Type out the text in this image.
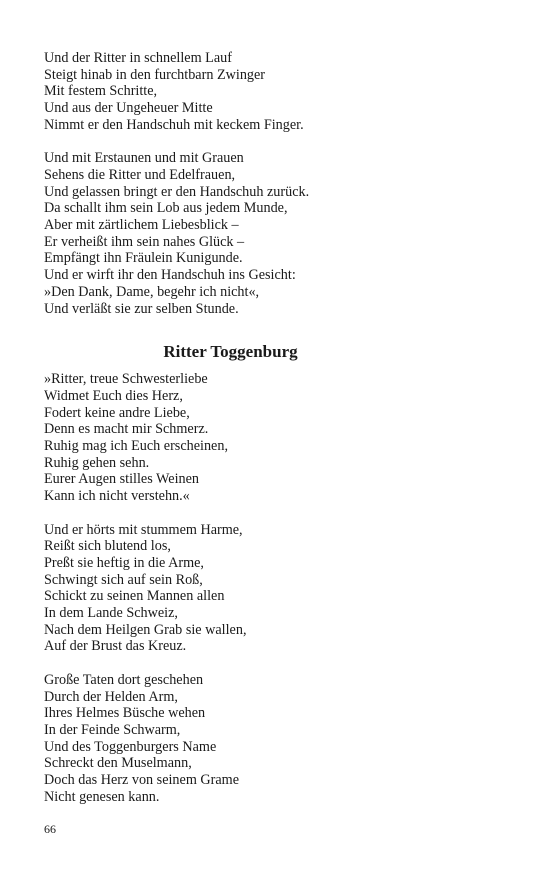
Und der Ritter in schnellem Lauf
Steigt hinab in den furchtbarn Zwinger
Mit festem Schritte,
Und aus der Ungeheuer Mitte
Nimmt er den Handschuh mit keckem Finger.
Und mit Erstaunen und mit Grauen
Sehens die Ritter und Edelfrauen,
Und gelassen bringt er den Handschuh zurück.
Da schallt ihm sein Lob aus jedem Munde,
Aber mit zärtlichem Liebesblick –
Er verheißt ihm sein nahes Glück –
Empfängt ihn Fräulein Kunigunde.
Und er wirft ihr den Handschuh ins Gesicht:
»Den Dank, Dame, begehr ich nicht«,
Und verläßt sie zur selben Stunde.
Ritter Toggenburg
»Ritter, treue Schwesterliebe
Widmet Euch dies Herz,
Fodert keine andre Liebe,
Denn es macht mir Schmerz.
Ruhig mag ich Euch erscheinen,
Ruhig gehen sehn.
Eurer Augen stilles Weinen
Kann ich nicht verstehn.«
Und er hörts mit stummem Harme,
Reißt sich blutend los,
Preßt sie heftig in die Arme,
Schwingt sich auf sein Roß,
Schickt zu seinen Mannen allen
In dem Lande Schweiz,
Nach dem Heilgen Grab sie wallen,
Auf der Brust das Kreuz.
Große Taten dort geschehen
Durch der Helden Arm,
Ihres Helmes Büsche wehen
In der Feinde Schwarm,
Und des Toggenburgers Name
Schreckt den Muselmann,
Doch das Herz von seinem Grame
Nicht genesen kann.
66
